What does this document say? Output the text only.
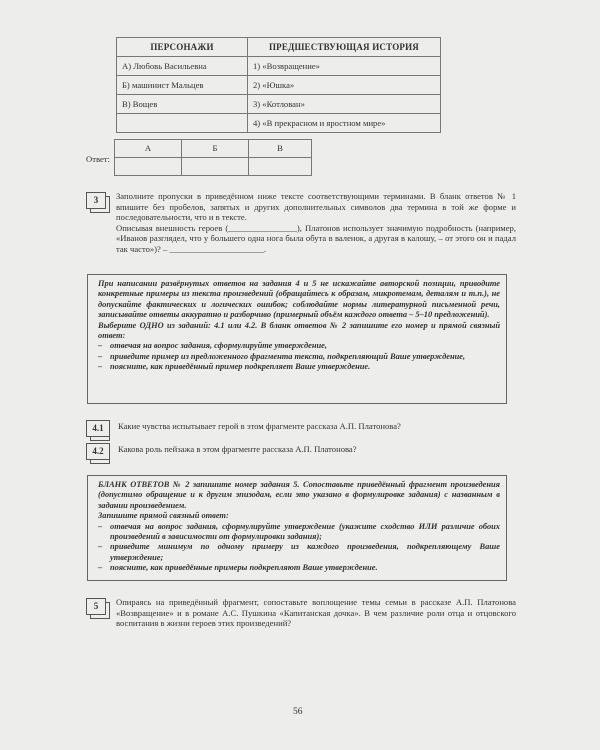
ПЕРСОНАЖИ	ПРЕДШЕСТВУЮЩАЯ ИСТОРИЯ
А) Любовь Васильевна	1) «Возвращение»
Б) машинист Мальцев	2) «Юшка»
В) Вощев	3) «Котлован»
	4) «В прекрасном и яростном мире»
Ответ:
А	Б	В

3	Заполните пропуски в приведённом ниже тексте соответствующими терминами. В бланк ответов № 1 впишите без пробелов, запятых и других дополнительных символов два термина в той же форме и последовательности, что и в тексте.
Описывая внешность героев (________________), Платонов использует значимую подробность (например, «Иванов разглядел, что у большего одна нога была обута в валенок, а другая в калошу, – от этого он и падал так часто»)? – ______________________.

При написании развёрнутых ответов на задания 4 и 5 не искажайте авторской позиции, приводите конкретные примеры из текста произведений (обращайтесь к образам, микротемам, деталям и т.п.), не допускайте фактических и логических ошибок; соблюдайте нормы литературной письменной речи, записывайте ответы аккуратно и разборчиво (примерный объём каждого ответа – 5–10 предложений).

Выберите ОДНО из заданий: 4.1 или 4.2. В бланк ответов № 2 запишите его номер и прямой связный ответ:

– отвечая на вопрос задания, сформулируйте утверждение,
– приведите пример из предложенного фрагмента текста, подкрепляющий Ваше утверждение,
– поясните, как приведённый пример подкрепляет Ваше утверждение.
4.1	Какие чувства испытывает герой в этом фрагменте рассказа А.П. Платонова?
4.2	Какова роль пейзажа в этом фрагменте рассказа А.П. Платонова?

БЛАНК ОТВЕТОВ № 2 запишите номер задания 5. Сопоставьте приведённый фрагмент произведения (допустимо обращение и к другим эпизодам, если это указано в формулировке задания) с названным в задании произведением.

Запишите прямой связный ответ:

– отвечая на вопрос задания, сформулируйте утверждение (укажите сходство ИЛИ различие обоих произведений в зависимости от формулировки задания);
– приведите минимум по одному примеру из каждого произведения, подкрепляющему Ваше утверждение;
– поясните, как приведённые примеры подкрепляют Ваше утверждение.
5	Опираясь на приведённый фрагмент, сопоставьте воплощение темы семьи в рассказе А.П. Платонова «Возвращение» и в романе А.С. Пушкина «Капитанская дочка». В чем различие роли отца и отцовского воспитания в жизни героев этих произведений?
56
